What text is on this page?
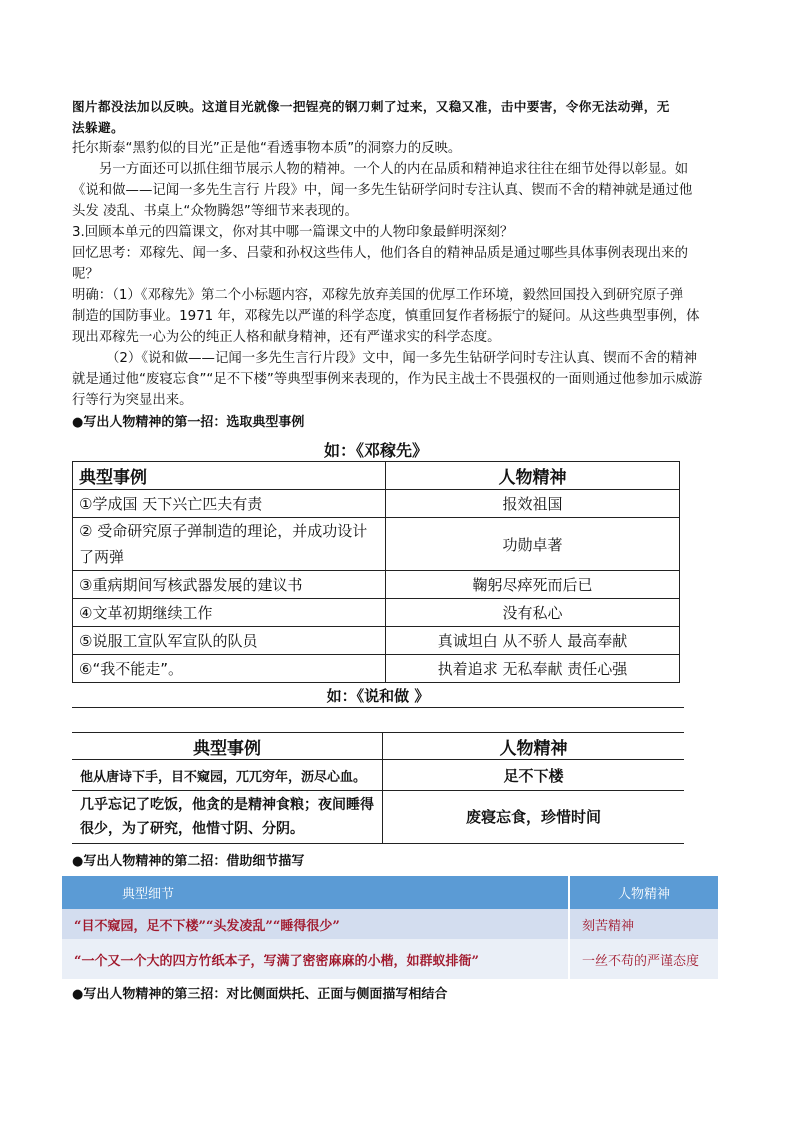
图片都没法加以反映。这道目光就像一把锃亮的钢刀刺了过来，又稳又准，击中要害，令你无法动弹，无
法躲避。
托尔斯泰“黑豹似的目光”正是他“看透事物本质”的洞察力的反映。
另一方面还可以抓住细节展示人物的精神。一个人的内在品质和精神追求往往在细节处得以彰显。如
《说和做——记闻一多先生言行 片段》中，闻一多先生钻研学问时专注认真、锲而不舍的精神就是通过他
头发 凌乱、书桌上“众物腾怨”等细节来表现的。
3.回顾本单元的四篇课文，你对其中哪一篇课文中的人物印象最鲜明深刻？
回忆思考：邓稼先、闻一多、吕蒙和孙权这些伟人，他们各自的精神品质是通过哪些具体事例表现出来的
呢？
明确：（1）《邓稼先》第二个小标题内容，邓稼先放弃美国的优厚工作环境，毅然回国投入到研究原子弹
制造的国防事业。1971 年，邓稼先以严谨的科学态度，慎重回复作者杨振宁的疑问。从这些典型事例，体
现出邓稼先一心为公的纯正人格和献身精神，还有严谨求实的科学态度。
（2）《说和做——记闻一多先生言行片段》文中，闻一多先生钻研学问时专注认真、锲而不舍的精神
就是通过他“废寝忘食”“足不下楼”等典型事例来表现的，作为民主战士不畏强权的一面则通过他参加示威游
行等行为突显出来。
●写出人物精神的第一招：选取典型事例
如：《邓稼先》	
典型事例	人物精神
①学成国 天下兴亡匹夫有责	报效祖国
② 受命研究原子弹制造的理论，并成功设计了两弹	功勋卓著
③重病期间写核武器发展的建议书	鞠躬尽瘁死而后已
④文革初期继续工作	没有私心
⑤说服工宣队军宣队的队员	真诚坦白 从不骄人 最高奉献
⑥“我不能走”。	执着追求 无私奉献 责任心强
如：《说和做 》
典型事例	人物精神
他从唐诗下手，目不窥园，兀兀穷年，沥尽心血。	足不下楼
几乎忘记了吃饭，他贪的是精神食粮；夜间睡得很少，为了研究，他惜寸阴、分阴。	废寝忘食，珍惜时间
●写出人物精神的第二招：借助细节描写
典型细节	人物精神
“目不窥园，足不下楼”“头发凌乱”“睡得很少”	刻苦精神
“一个又一个大的四方竹纸本子，写满了密密麻麻的小楷，如群蚁排衙”	一丝不苟的严谨态度
●写出人物精神的第三招：对比侧面烘托、正面与侧面描写相结合
